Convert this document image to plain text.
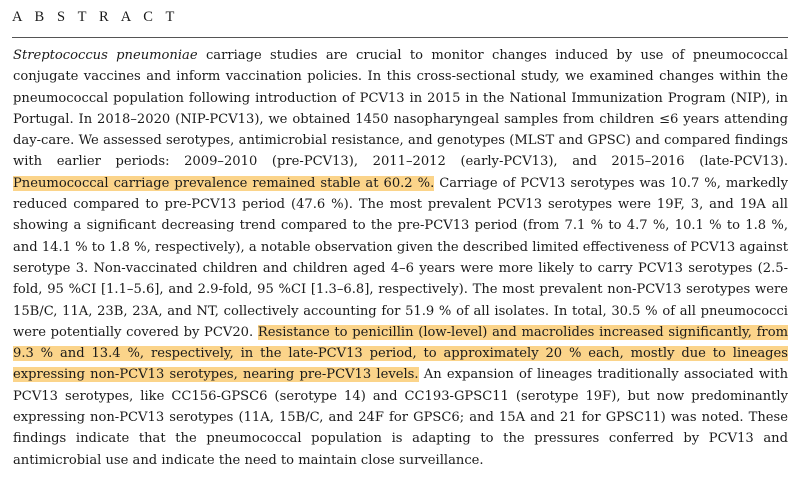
A B S T R A C T

Streptococcus pneumoniae carriage studies are crucial to monitor changes induced by use of pneumococcal conjugate vaccines and inform vaccination policies. In this cross-sectional study, we examined changes within the pneumococcal population following introduction of PCV13 in 2015 in the National Immunization Program (NIP), in Portugal. In 2018–2020 (NIP-PCV13), we obtained 1450 nasopharyngeal samples from children ≤6 years attending day-care. We assessed serotypes, antimicrobial resistance, and genotypes (MLST and GPSC) and compared findings with earlier periods: 2009–2010 (pre-PCV13), 2011–2012 (early-PCV13), and 2015–2016 (late-PCV13). Pneumococcal carriage prevalence remained stable at 60.2 %. Carriage of PCV13 serotypes was 10.7 %, markedly reduced compared to pre-PCV13 period (47.6 %). The most prevalent PCV13 serotypes were 19F, 3, and 19A all showing a significant decreasing trend compared to the pre-PCV13 period (from 7.1 % to 4.7 %, 10.1 % to 1.8 %, and 14.1 % to 1.8 %, respectively), a notable observation given the described limited effectiveness of PCV13 against serotype 3. Non-vaccinated children and children aged 4–6 years were more likely to carry PCV13 serotypes (2.5-fold, 95 %CI [1.1–5.6], and 2.9-fold, 95 %CI [1.3–6.8], respectively). The most prevalent non-PCV13 serotypes were 15B/C, 11A, 23B, 23A, and NT, collectively accounting for 51.9 % of all isolates. In total, 30.5 % of all pneumococci were potentially covered by PCV20. Resistance to penicillin (low-level) and macrolides increased significantly, from 9.3 % and 13.4 %, respectively, in the late-PCV13 period, to approximately 20 % each, mostly due to lineages expressing non-PCV13 serotypes, nearing pre-PCV13 levels. An expansion of lineages traditionally associated with PCV13 serotypes, like CC156-GPSC6 (serotype 14) and CC193-GPSC11 (serotype 19F), but now predominantly expressing non-PCV13 serotypes (11A, 15B/C, and 24F for GPSC6; and 15A and 21 for GPSC11) was noted. These findings indicate that the pneumococcal population is adapting to the pressures conferred by PCV13 and antimicrobial use and indicate the need to maintain close surveillance.
